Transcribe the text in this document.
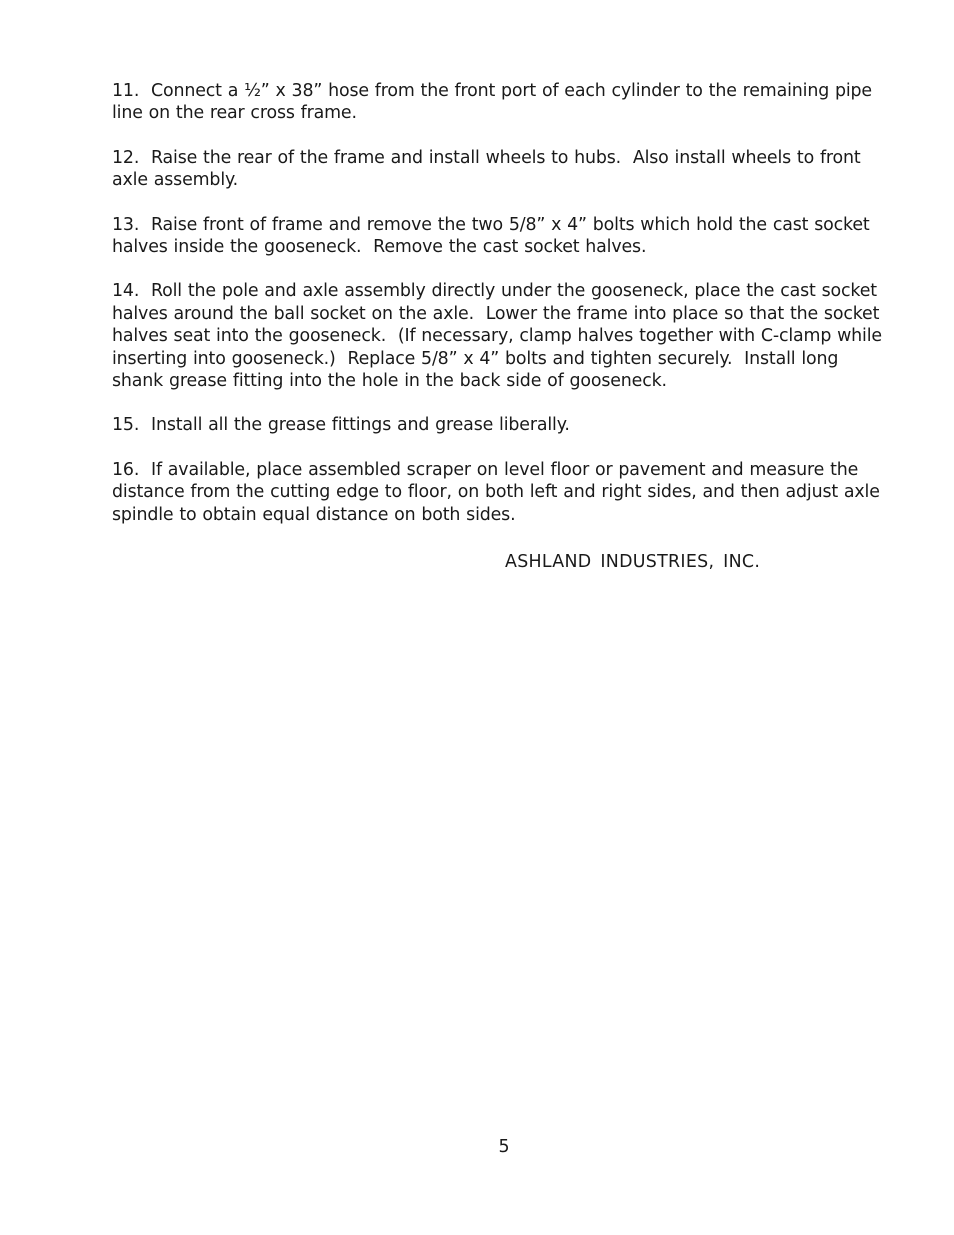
11.  Connect a ½” x 38” hose from the front port of each cylinder to the remaining pipe line on the rear cross frame.

12.  Raise the rear of the frame and install wheels to hubs.  Also install wheels to front axle assembly.

13.  Raise front of frame and remove the two 5/8” x 4” bolts which hold the cast socket halves inside the gooseneck.  Remove the cast socket halves.

14.  Roll the pole and axle assembly directly under the gooseneck, place the cast socket halves around the ball socket on the axle.  Lower the frame into place so that the socket halves seat into the gooseneck.  (If necessary, clamp halves together with C-clamp while inserting into gooseneck.)  Replace 5/8” x 4” bolts and tighten securely.  Install long shank grease fitting into the hole in the back side of gooseneck.

15.  Install all the grease fittings and grease liberally.

16.  If available, place assembled scraper on level floor or pavement and measure the distance from the cutting edge to floor, on both left and right sides, and then adjust axle spindle to obtain equal distance on both sides.

ASHLAND INDUSTRIES, INC.
5
